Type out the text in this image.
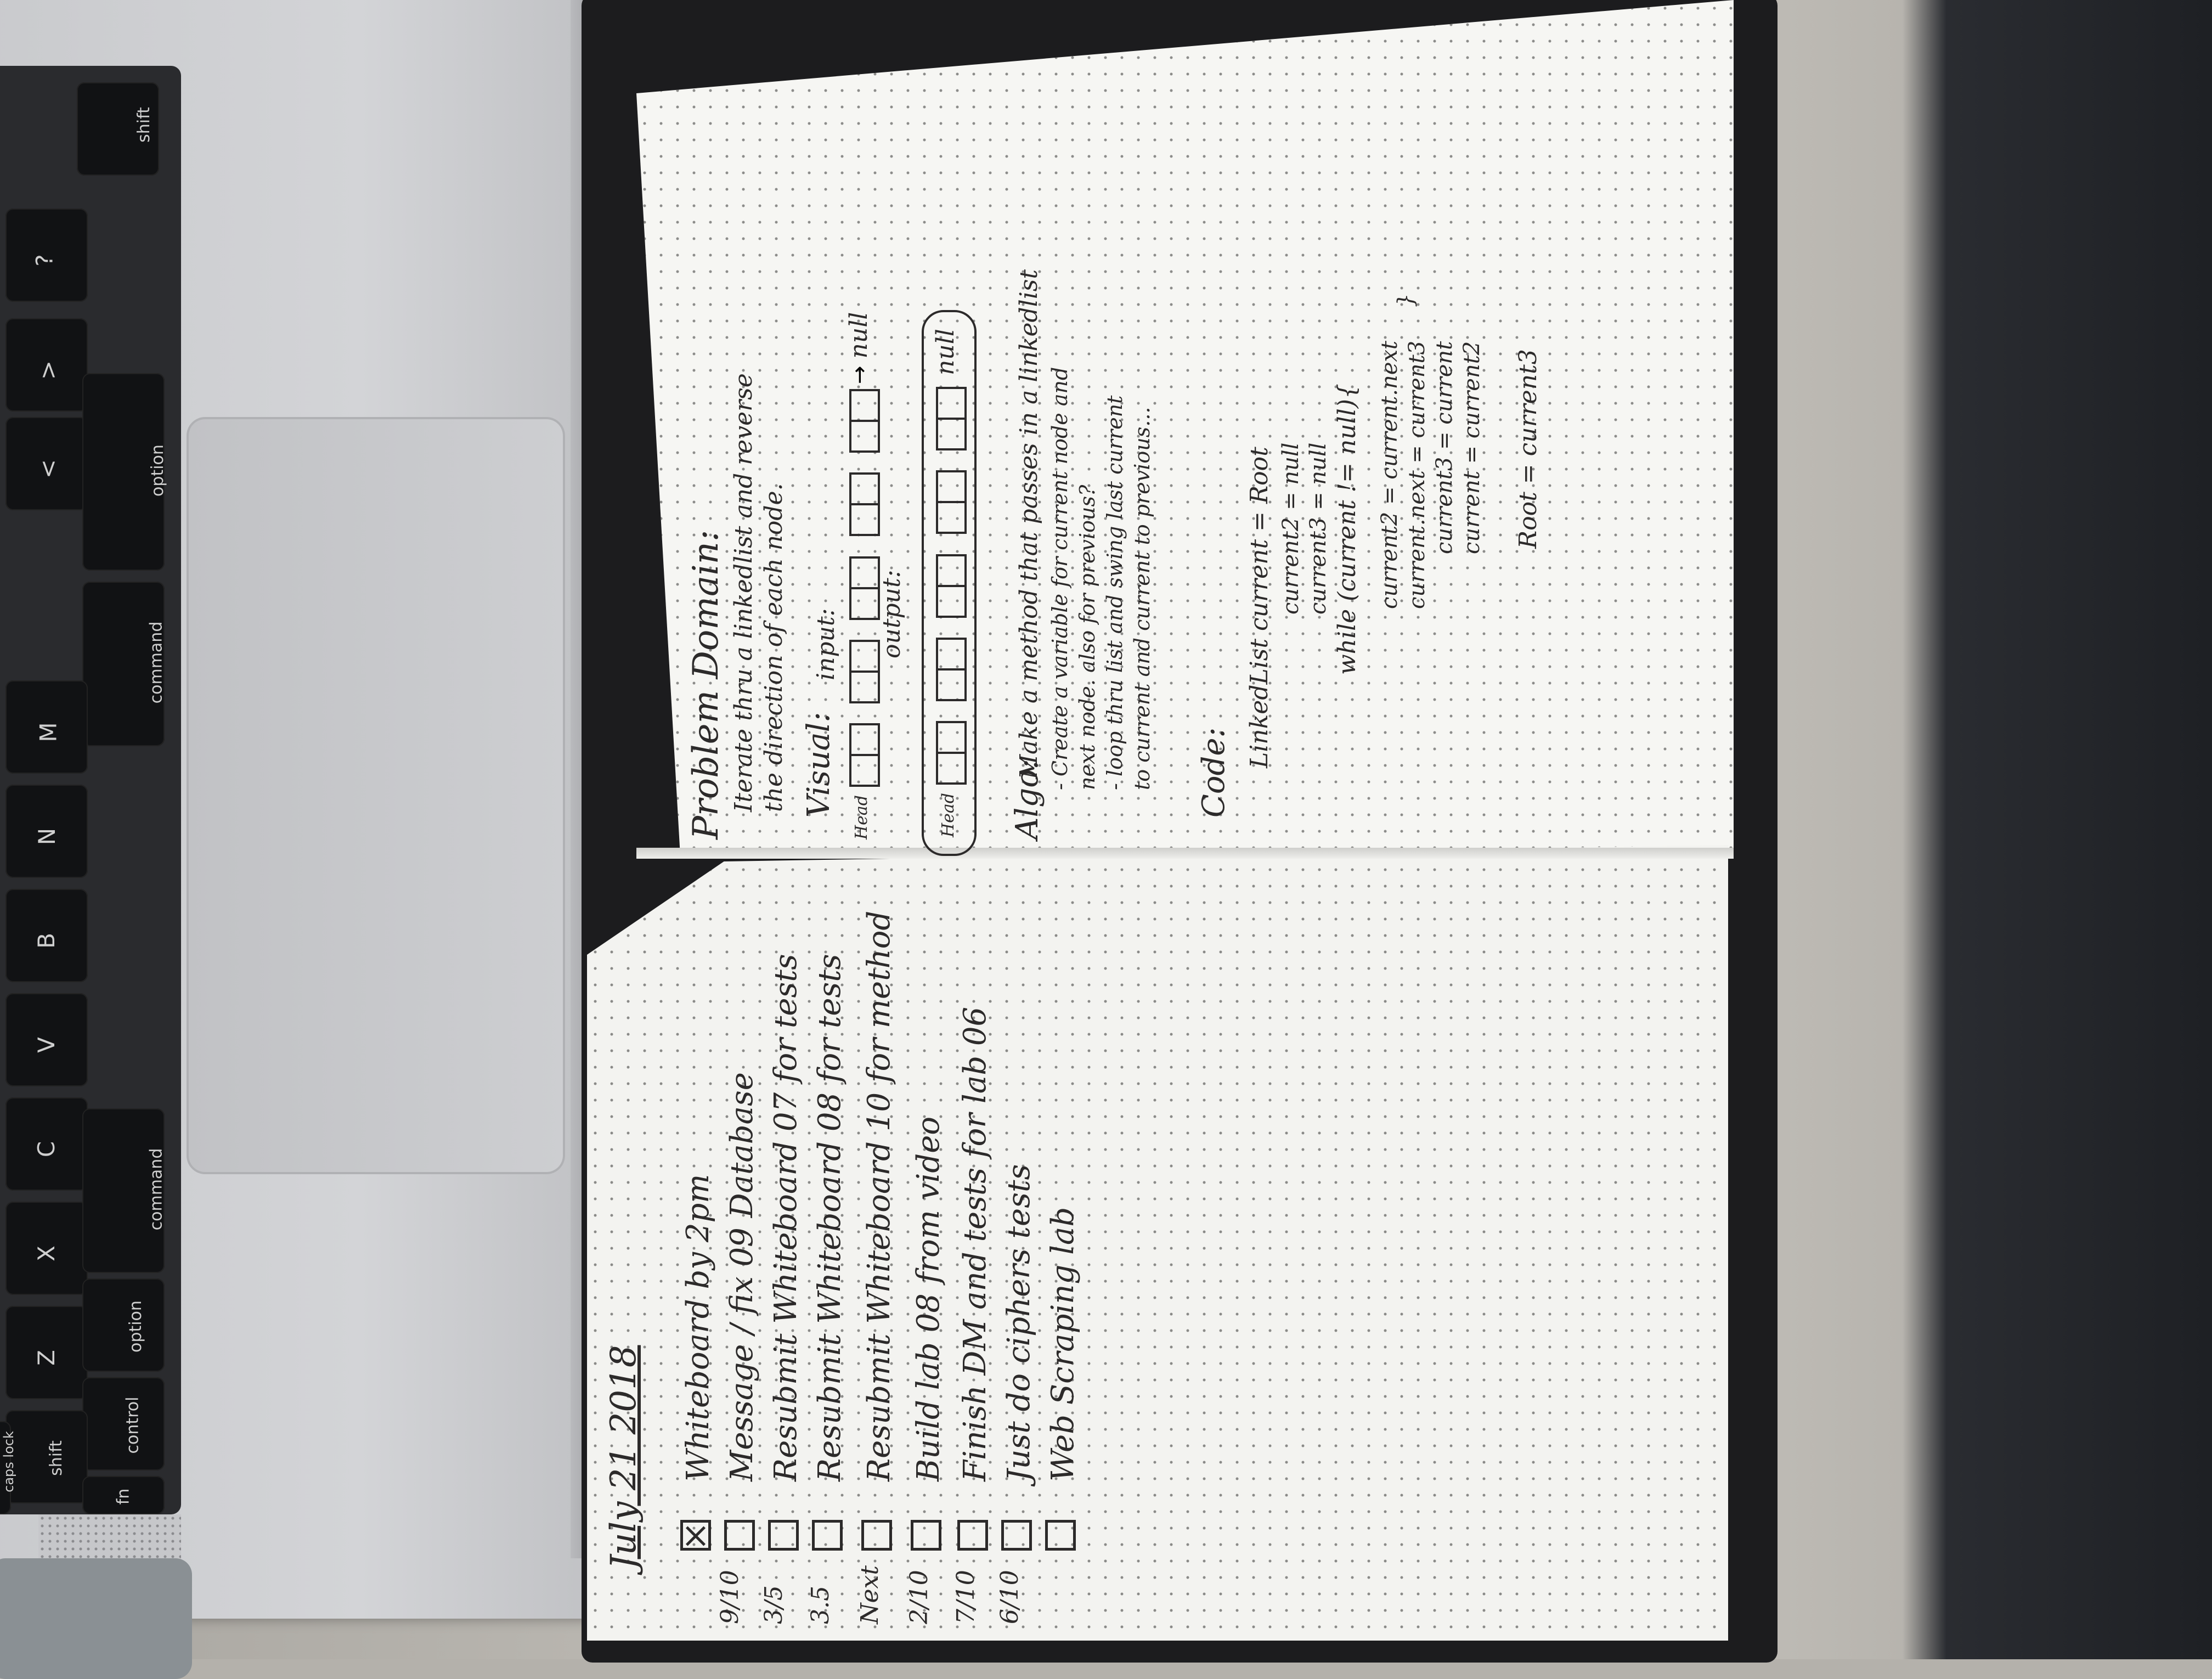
shift
?
>
<	option
command
M
N
B
V
C
X
Z
command
option
control
shift
fn
caps lock	July 21 2018 Whiteboard by 2pm
9/10
Message / fix 09 Database
3/5
Resubmit Whiteboard 07 for tests
3.5
Resubmit Whiteboard 08 for tests
Next
Resubmit Whiteboard 10 for method
2/10
Build lab 08 from video
7/10
Finish DM and tests for lab 06
6/10
Just do ciphers tests Web Scraping lab
Problem Domain: Iterate thru a linkedlist and reverse the direction of each node. Visual:
input:
Head          → null
output:
Head          null
Algo:
Make a method that passes in a linkedlist - Create a variable for current node and next node. also for previous? - loop thru list and swing last current to current and current to previous... Code:
LinkedList current = Root current2 = null current3 = null while (current != null){ current2 = current.next current.next = current3 current3 = current current = current2
}
Root = current3
